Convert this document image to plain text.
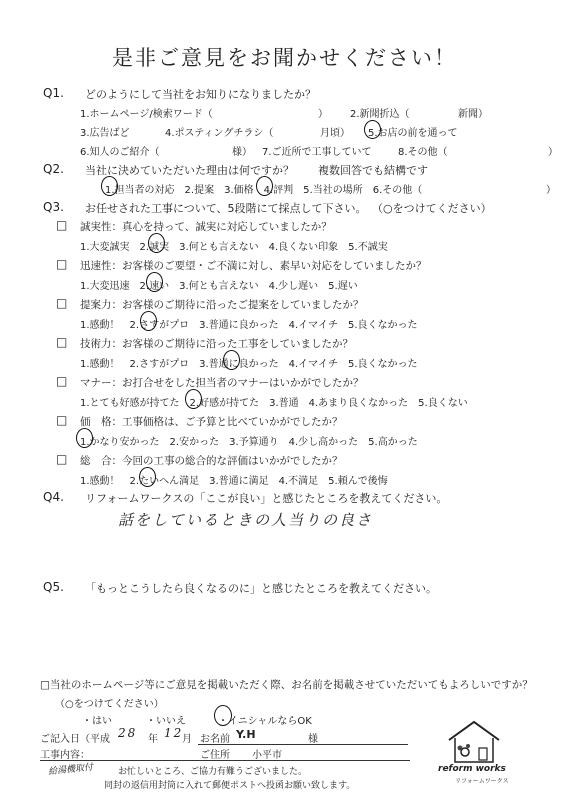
是非ご意見をお聞かせください！
Q1. どのようにして当社をお知りになりましたか？
1.ホームページ/検索ワード（	） 2.新聞折込（	新聞）
3.広告ばど	4.ポスティングチラシ（	月頃） 5.お店の前を通って
6.知人のご紹介（	様） 7.ご近所で工事していて	8.その他（	）
Q2. 当社に決めていただいた理由は何ですか？ 複数回答でも結構です
1.担当者の対応　2.提案　3.価格　4.評判　5.当社の場所　6.その他（	）
Q3. お任せされた工事について、5段階にて採点して下さい。 （○をつけてください）
□ 誠実性：真心を持って、誠実に対応していましたか？
1.大変誠実　2.誠実　3.何とも言えない　4.良くない印象　5.不誠実
□ 迅速性：お客様のご要望・ご不満に対し、素早い対応をしていましたか？
1.大変迅速　2.速い　3.何とも言えない　4.少し遅い　5.遅い
□ 提案力：お客様のご期待に沿ったご提案をしていましたか？
1.感動！　2.さすがプロ　3.普通に良かった　4.イマイチ　5.良くなかった
□ 技術力：お客様のご期待に沿った工事をしていましたか？
1.感動！　2.さすがプロ　3.普通に良かった　4.イマイチ　5.良くなかった
□ マナー：お打合せをした担当者のマナーはいかがでしたか？
1.とても好感が持てた　2.好感が持てた　3.普通　4.あまり良くなかった　5.良くない
□ 価　格：工事価格は、ご予算と比べていかがでしたか？
1.かなり安かった　2.安かった　3.予算通り　4.少し高かった　5.高かった
□ 総　合：今回の工事の総合的な評価はいかがでしたか？
1.感動！　2.たいへん満足　3.普通に満足　4.不満足　5.頼んで後悔
Q4. リフォームワークスの「ここが良い」と感じたところを教えてください。
話をしているときの人当りの良さ
Q5. 「もっとこうしたら良くなるのに」と感じたところを教えてください。
□当社のホームページ等にご意見を掲載いただく際、お名前を掲載させていただいてもよろしいですか？
（○をつけてください）
・はい	・いいえ	・イニシャルならOK
ご記入日（平成 28 年 12
月 お名前 Y.H	様
工事内容：	ご住所 小平市
給湯機取付	お忙しいところ、ご協力有難うございました。
同封の返信用封筒に入れて郵便ポストへ投函お願い致します。
reform works
リフォームワークス
